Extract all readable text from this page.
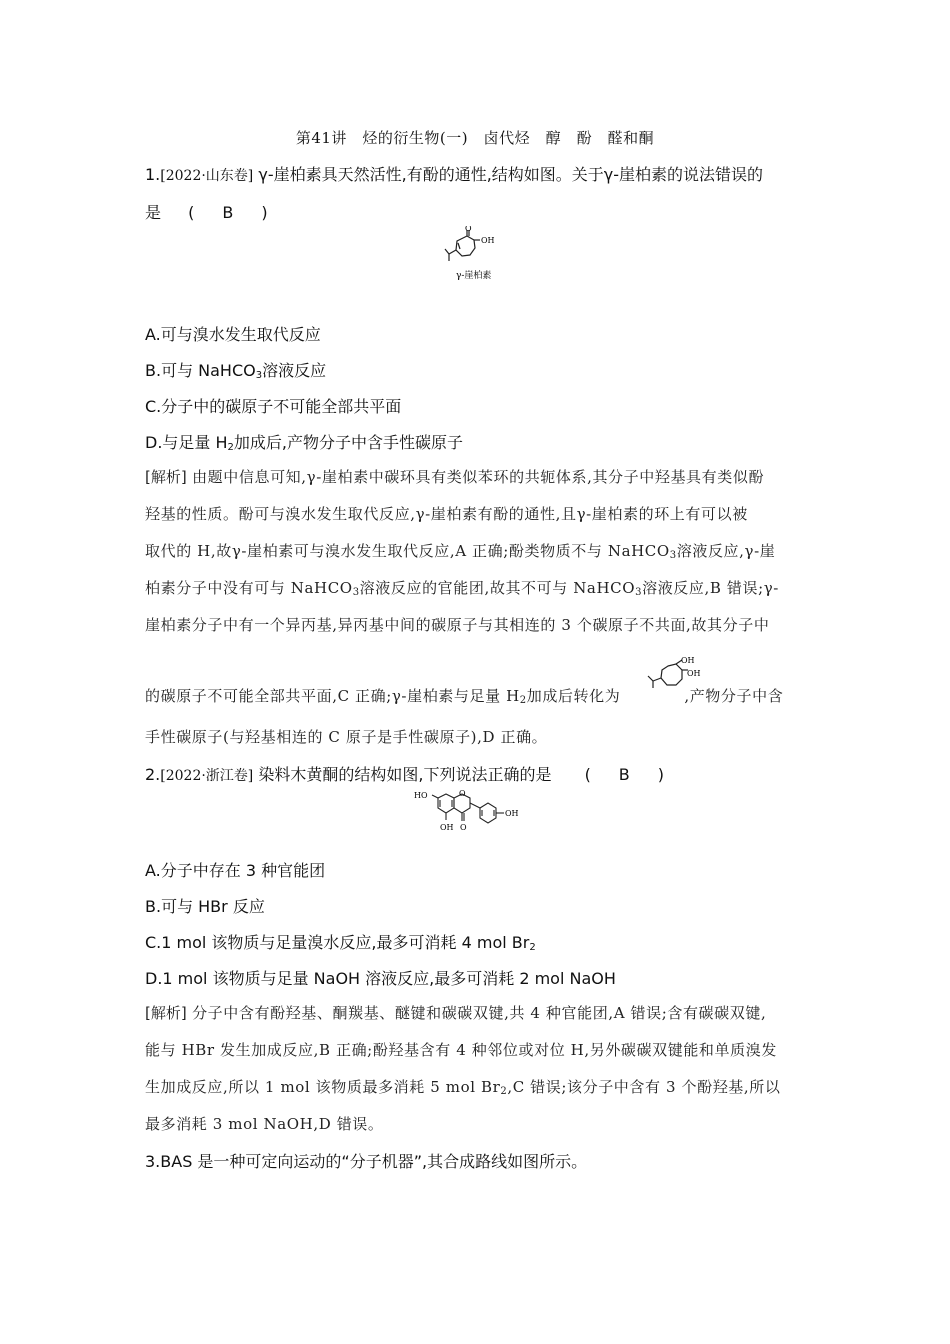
第41讲　烃的衍生物(一)　卤代烃　醇　酚　醛和酮
1.[2022·山东卷] γ-崖柏素具天然活性,有酚的通性,结构如图。关于γ-崖柏素的说法错误的
是 (　B　)
O
OH
γ-崖柏素
A.可与溴水发生取代反应
B.可与 NaHCO$_3$溶液反应
C.分子中的碳原子不可能全部共平面
D.与足量 $H_2$加成后,产物分子中含手性碳原子
[解析] 由题中信息可知,γ-崖柏素中碳环具有类似苯环的共轭体系,其分子中羟基具有类似酚
羟基的性质。酚可与溴水发生取代反应,γ-崖柏素有酚的通性,且γ-崖柏素的环上有可以被
取代的 H,故γ-崖柏素可与溴水发生取代反应,A 正确;酚类物质不与 NaHCO$_3$溶液反应,γ-崖
柏素分子中没有可与 NaHCO$_3$溶液反应的官能团,故其不可与 NaHCO$_3$溶液反应,B 错误;γ-
崖柏素分子中有一个异丙基,异丙基中间的碳原子与其相连的 3 个碳原子不共面,故其分子中
的碳原子不可能全部共平面,C 正确;γ-崖柏素与足量 $H_2$加成后转化为	,产物分子中含
OH
OH
手性碳原子(与羟基相连的 C 原子是手性碳原子),D 正确。
2.[2022·浙江卷] 染料木黄酮的结构如图,下列说法正确的是 (　B　)
HO	O
O
OH
OH
A.分子中存在 3 种官能团
B.可与 HBr 反应
C.1 mol 该物质与足量溴水反应,最多可消耗 4 mol $Br_2$
D.1 mol 该物质与足量 NaOH 溶液反应,最多可消耗 2 mol NaOH
[解析] 分子中含有酚羟基、酮羰基、醚键和碳碳双键,共 4 种官能团,A 错误;含有碳碳双键,
能与 HBr 发生加成反应,B 正确;酚羟基含有 4 种邻位或对位 H,另外碳碳双键能和单质溴发
生加成反应,所以 1 mol 该物质最多消耗 5 mol $Br_2,C$ 错误;该分子中含有 3 个酚羟基,所以
最多消耗 3 mol NaOH,D 错误。
3.BAS 是一种可定向运动的“分子机器”,其合成路线如图所示。
